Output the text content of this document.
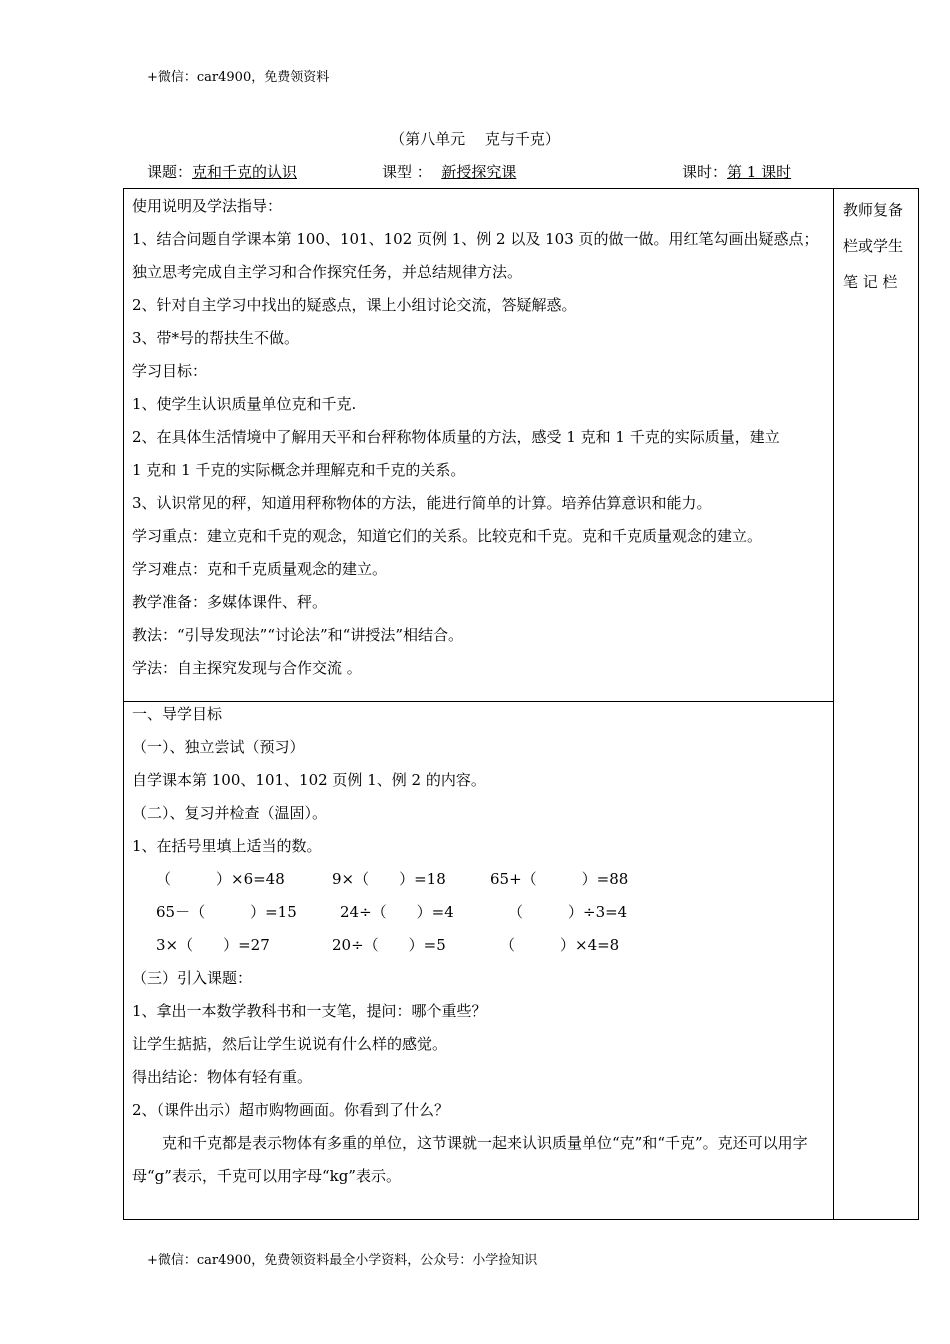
+微信：car4900，免费领资料
（第八单元　 克与千克）
课题：克和千克的认识	课型 ： 新授探究课	课时：第 1 课时
教师复备栏或学生笔 记 栏

使用说明及学法指导：

1、结合问题自学课本第 100、101、102 页例 1、例 2 以及 103 页的做一做。用红笔勾画出疑惑点；

独立思考完成自主学习和合作探究任务，并总结规律方法。

2、针对自主学习中找出的疑惑点，课上小组讨论交流，答疑解惑。

3、带*号的帮扶生不做。

学习目标：

1、使学生认识质量单位克和千克.

2、在具体生活情境中了解用天平和台秤称物体质量的方法，感受 1 克和 1 千克的实际质量，建立

1 克和 1 千克的实际概念并理解克和千克的关系。

3、认识常见的秤，知道用秤称物体的方法，能进行简单的计算。培养估算意识和能力。

学习重点：建立克和千克的观念，知道它们的关系。比较克和千克。克和千克质量观念的建立。

学习难点：克和千克质量观念的建立。

教学准备：多媒体课件、秤。

教法：“引导发现法”“讨论法”和“讲授法”相结合。

学法：自主探究发现与合作交流 。

一、导学目标

（一）、独立尝试（预习）

自学课本第 100、101、102 页例 1、例 2 的内容。

（二）、复习并检查（温固）。

1、在括号里填上适当的数。

（　　　）×6=48	9×（　　）=18	65+（　　　）=88
65－（　　　）=15	24÷（　　）=4	（　　　）÷3=4
3×（　　）=27	20÷（　　）=5	（　　　）×4=8

（三）引入课题：

1、拿出一本数学教科书和一支笔，提问：哪个重些？

让学生掂掂，然后让学生说说有什么样的感觉。

得出结论：物体有轻有重。

2、（课件出示）超市购物画面。你看到了什么？

克和千克都是表示物体有多重的单位，这节课就一起来认识质量单位“克”和“千克”。克还可以用字母“g”表示，千克可以用字母“kg”表示。

+微信：car4900，免费领资料最全小学资料，公众号：小学捡知识
